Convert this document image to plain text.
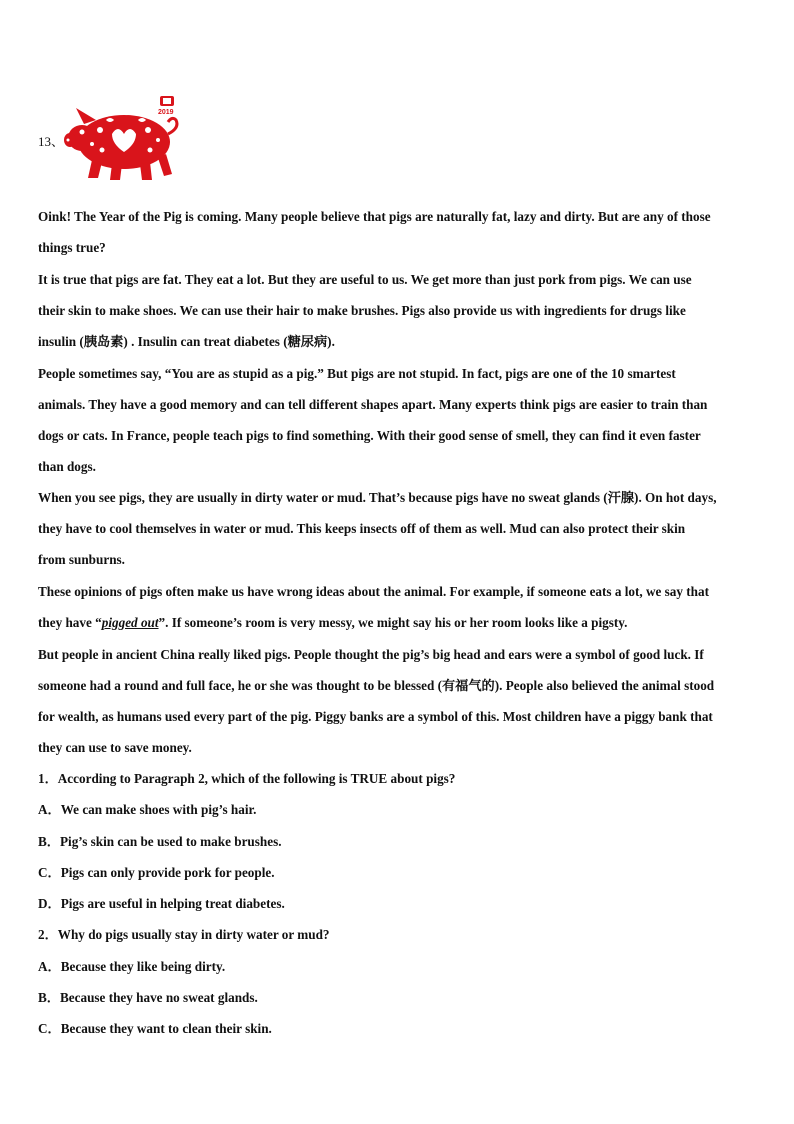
13、
2019
Oink! The Year of the Pig is coming. Many people believe that pigs are naturally fat, lazy and dirty. But are any of those
things true?
It is true that pigs are fat. They eat a lot. But they are useful to us. We get more than just pork from pigs. We can use
their skin to make shoes. We can use their hair to make brushes. Pigs also provide us with ingredients for drugs like
insulin (胰岛素) . Insulin can treat diabetes (糖尿病).
People sometimes say, “You are as stupid as a pig.” But pigs are not stupid. In fact, pigs are one of the 10 smartest
animals. They have a good memory and can tell different shapes apart. Many experts think pigs are easier to train than
dogs or cats. In France, people teach pigs to find something. With their good sense of smell, they can find it even faster
than dogs.
When you see pigs, they are usually in dirty water or mud. That’s because pigs have no sweat glands (汗腺). On hot days,
they have to cool themselves in water or mud. This keeps insects off of them as well. Mud can also protect their skin
from sunburns.
These opinions of pigs often make us have wrong ideas about the animal. For example, if someone eats a lot, we say that
they have “pigged out”. If someone’s room is very messy, we might say his or her room looks like a pigsty.
But people in ancient China really liked pigs. People thought the pig’s big head and ears were a symbol of good luck. If
someone had a round and full face, he or she was thought to be blessed (有福气的). People also believed the animal stood
for wealth, as humans used every part of the pig. Piggy banks are a symbol of this. Most children have a piggy bank that
they can use to save money.
1．According to Paragraph 2, which of the following is TRUE about pigs?
A．We can make shoes with pig’s hair.
B．Pig’s skin can be used to make brushes.
C．Pigs can only provide pork for people.
D．Pigs are useful in helping treat diabetes.
2．Why do pigs usually stay in dirty water or mud?
A．Because they like being dirty.
B．Because they have no sweat glands.
C．Because they want to clean their skin.
